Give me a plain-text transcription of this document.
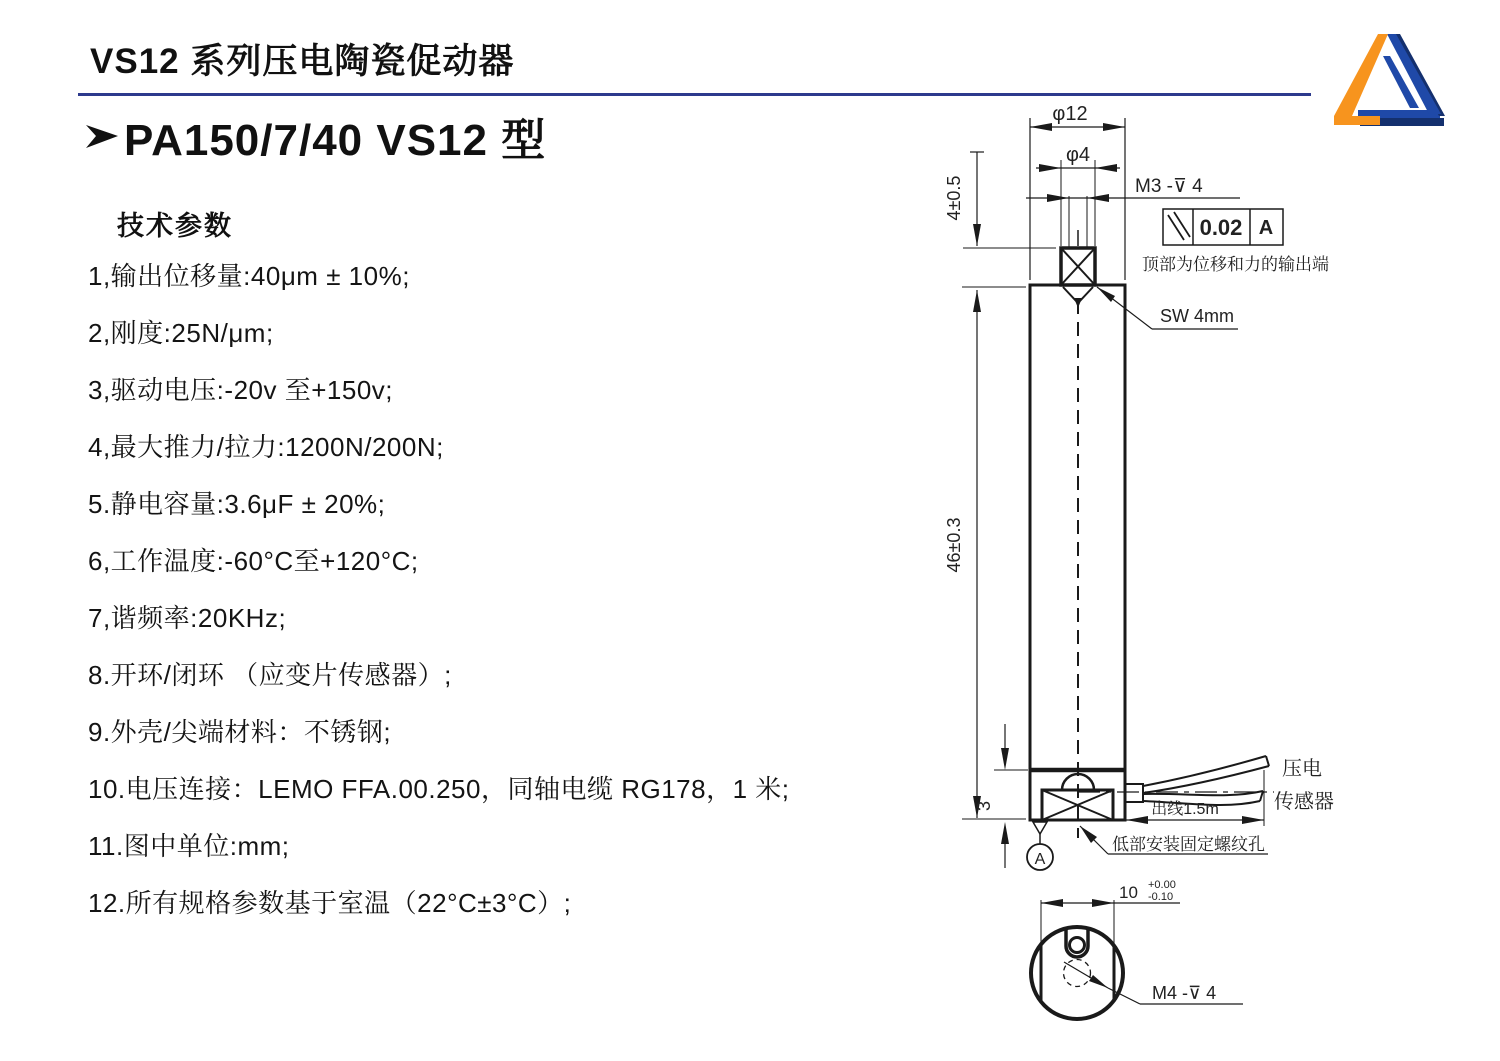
VS12 系列压电陶瓷促动器
PA150/7/40 VS12 型
技术参数
1,输出位移量:40μm ± 10%;
2,刚度:25N/μm;
3,驱动电压:-20v 至+150v;
4,最大推力/拉力:1200N/200N;
5.静电容量:3.6μF ± 20%;
6,工作温度:-60°C至+120°C;
7,谐频率:20KHz;
8.开环/闭环 （应变片传感器）;
9.外壳/尖端材料：不锈钢;
10.电压连接：LEMO FFA.00.250，同轴电缆 RG178，1 米;
11.图中单位:mm;
12.所有规格参数基于室温（22°C±3°C）;
φ12
φ4
M3 -⊽ 4
0.02 A
顶部为位移和力的输出端
SW 4mm
4±0.5
46±0.3
3	出线1.5m
压电
传感器
低部安装固定螺纹孔
A
10 +0.00
-0.10
M4 -⊽ 4
